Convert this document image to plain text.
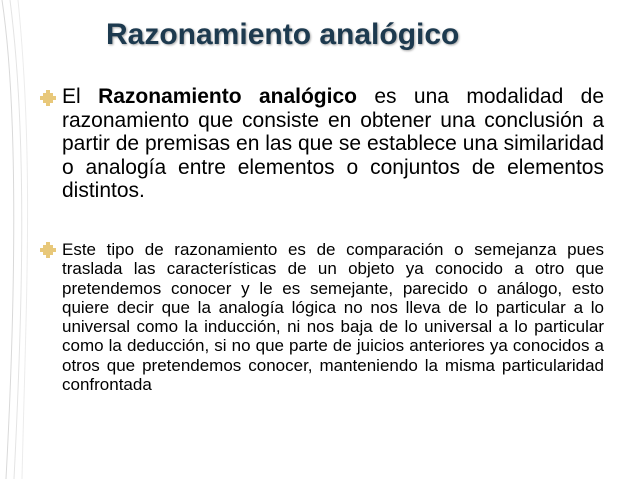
Razonamiento analógico
El Razonamiento analógico es una modalidad de razonamiento que consiste en obtener una conclusión a partir de premisas en las que se establece una similaridad o analogía entre elementos o conjuntos de elementos distintos.
Este tipo de razonamiento es de comparación o semejanza pues traslada las características de un objeto ya conocido a otro que pretendemos conocer y le es semejante, parecido o análogo, esto quiere decir que la analogía lógica no nos lleva de lo particular a lo universal como la inducción, ni nos baja de lo universal a lo particular como la deducción, si no que parte de juicios anteriores ya conocidos a otros que pretendemos conocer, manteniendo la misma particularidad confrontada
